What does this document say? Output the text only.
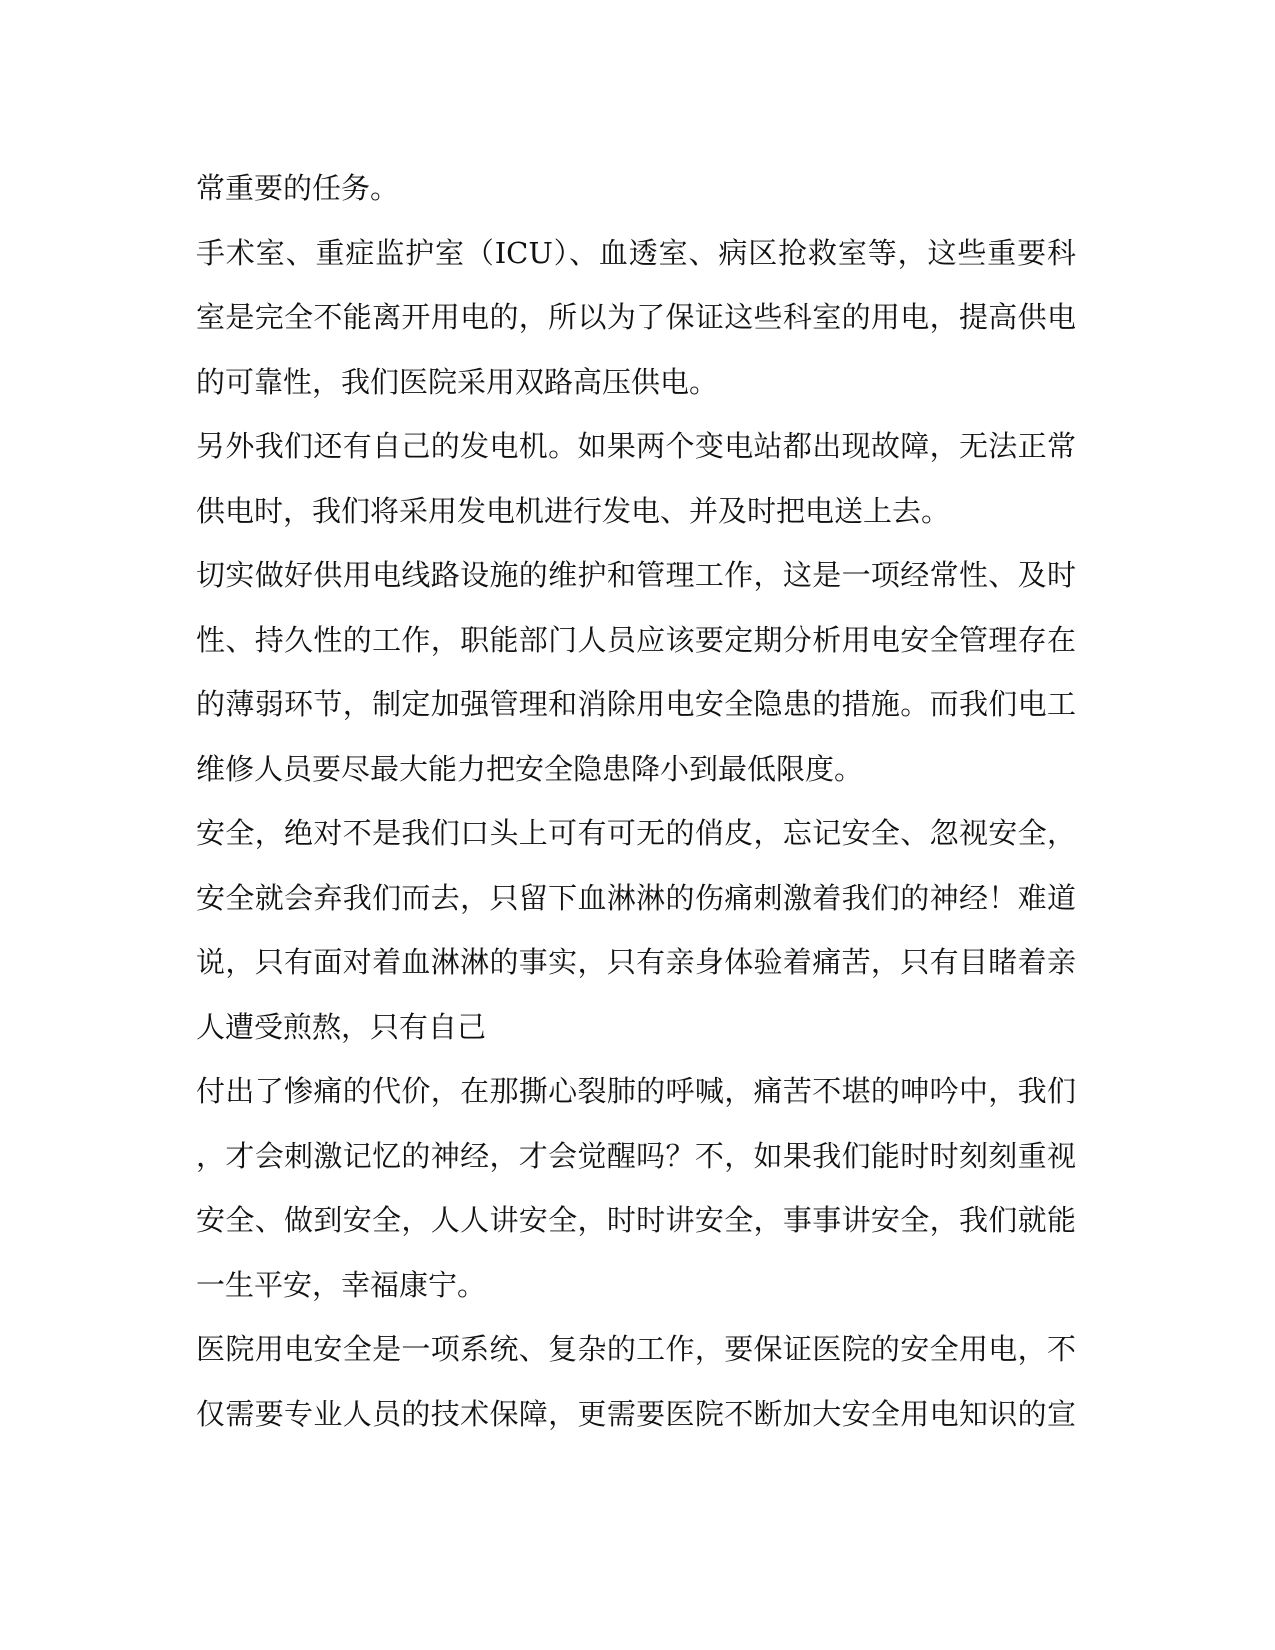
常重要的任务。
手术室、重症监护室（ICU）、血透室、病区抢救室等，这些重要科
室是完全不能离开用电的，所以为了保证这些科室的用电，提高供电
的可靠性，我们医院采用双路高压供电。
另外我们还有自己的发电机。如果两个变电站都出现故障，无法正常
供电时，我们将采用发电机进行发电、并及时把电送上去。
切实做好供用电线路设施的维护和管理工作，这是一项经常性、及时
性、持久性的工作，职能部门人员应该要定期分析用电安全管理存在
的薄弱环节，制定加强管理和消除用电安全隐患的措施。而我们电工
维修人员要尽最大能力把安全隐患降小到最低限度。
安全，绝对不是我们口头上可有可无的俏皮，忘记安全、忽视安全，
安全就会弃我们而去，只留下血淋淋的伤痛刺激着我们的神经！难道
说，只有面对着血淋淋的事实，只有亲身体验着痛苦，只有目睹着亲
人遭受煎熬，只有自己
付出了惨痛的代价，在那撕心裂肺的呼喊，痛苦不堪的呻吟中，我们
，才会刺激记忆的神经，才会觉醒吗？不，如果我们能时时刻刻重视
安全、做到安全，人人讲安全，时时讲安全，事事讲安全，我们就能
一生平安，幸福康宁。
医院用电安全是一项系统、复杂的工作，要保证医院的安全用电，不
仅需要专业人员的技术保障，更需要医院不断加大安全用电知识的宣
